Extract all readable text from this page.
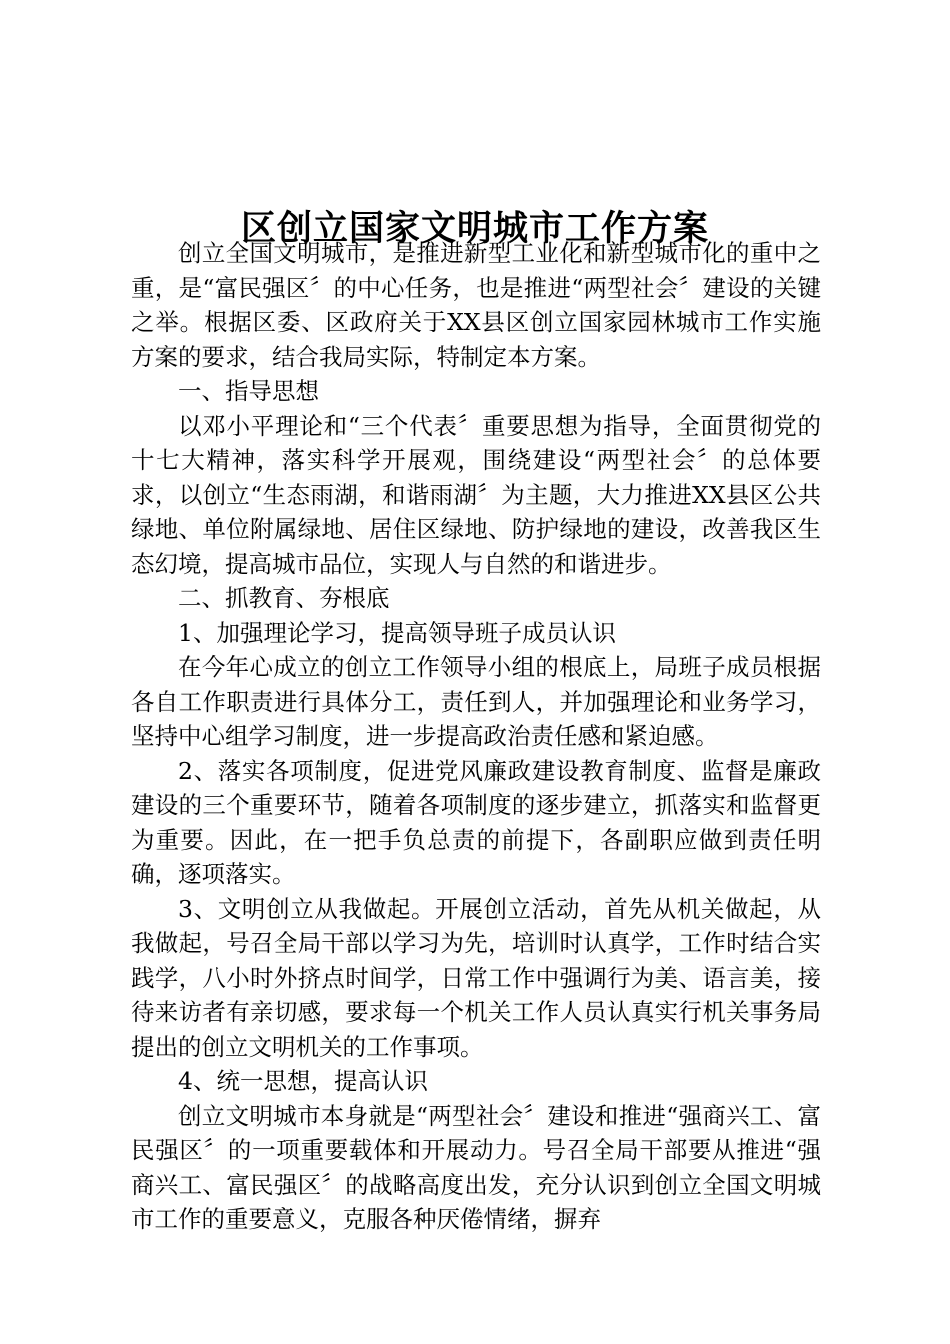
区创立国家文明城市工作方案

创立全国文明城市，是推进新型工业化和新型城市化的重中之重，是“富民强区〞的中心任务，也是推进“两型社会〞建设的关键之举。根据区委、区政府关于XX县区创立国家园林城市工作实施方案的要求，结合我局实际，特制定本方案。

一、指导思想

以邓小平理论和“三个代表〞重要思想为指导，全面贯彻党的十七大精神，落实科学开展观，围绕建设“两型社会〞的总体要求，以创立“生态雨湖，和谐雨湖〞为主题，大力推进XX县区公共绿地、单位附属绿地、居住区绿地、防护绿地的建设，改善我区生态幻境，提高城市品位，实现人与自然的和谐进步。

二、抓教育、夯根底

1、加强理论学习，提高领导班子成员认识

在今年心成立的创立工作领导小组的根底上，局班子成员根据各自工作职责进行具体分工，责任到人，并加强理论和业务学习，坚持中心组学习制度，进一步提高政治责任感和紧迫感。

2、落实各项制度，促进党风廉政建设教育制度、监督是廉政建设的三个重要环节，随着各项制度的逐步建立，抓落实和监督更为重要。因此，在一把手负总责的前提下，各副职应做到责任明确，逐项落实。

3、文明创立从我做起。开展创立活动，首先从机关做起，从我做起，号召全局干部以学习为先，培训时认真学，工作时结合实践学，八小时外挤点时间学，日常工作中强调行为美、语言美，接待来访者有亲切感，要求每一个机关工作人员认真实行机关事务局提出的创立文明机关的工作事项。

4、统一思想，提高认识

创立文明城市本身就是“两型社会〞建设和推进“强商兴工、富民强区〞的一项重要载体和开展动力。号召全局干部要从推进“强商兴工、富民强区〞的战略高度出发，充分认识到创立全国文明城市工作的重要意义，克服各种厌倦情绪，摒弃
